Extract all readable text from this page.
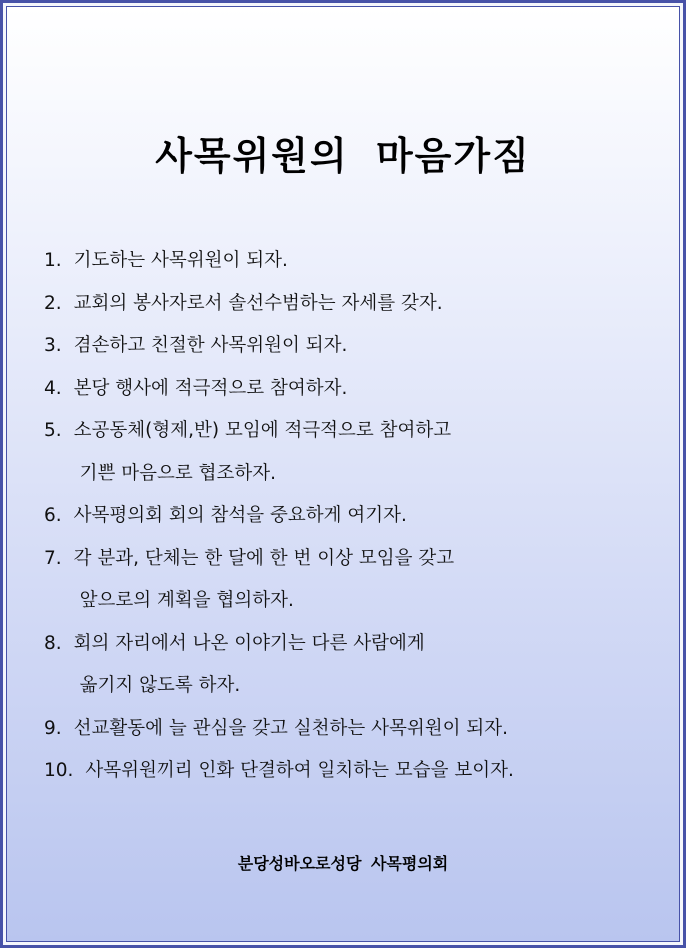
사목위원의 마음가짐
1. 기도하는 사목위원이 되자.
2. 교회의 봉사자로서 솔선수범하는 자세를 갖자.
3. 겸손하고 친절한 사목위원이 되자.
4. 본당 행사에 적극적으로 참여하자.
5. 소공동체(형제,반) 모임에 적극적으로 참여하고
기쁜 마음으로 협조하자.
6. 사목평의회 회의 참석을 중요하게 여기자.
7. 각 분과, 단체는 한 달에 한 번 이상 모임을 갖고
앞으로의 계획을 협의하자.
8. 회의 자리에서 나온 이야기는 다른 사람에게
옮기지 않도록 하자.
9. 선교활동에 늘 관심을 갖고 실천하는 사목위원이 되자.
10. 사목위원끼리 인화 단결하여 일치하는 모습을 보이자.
분당성바오로성당 사목평의회
